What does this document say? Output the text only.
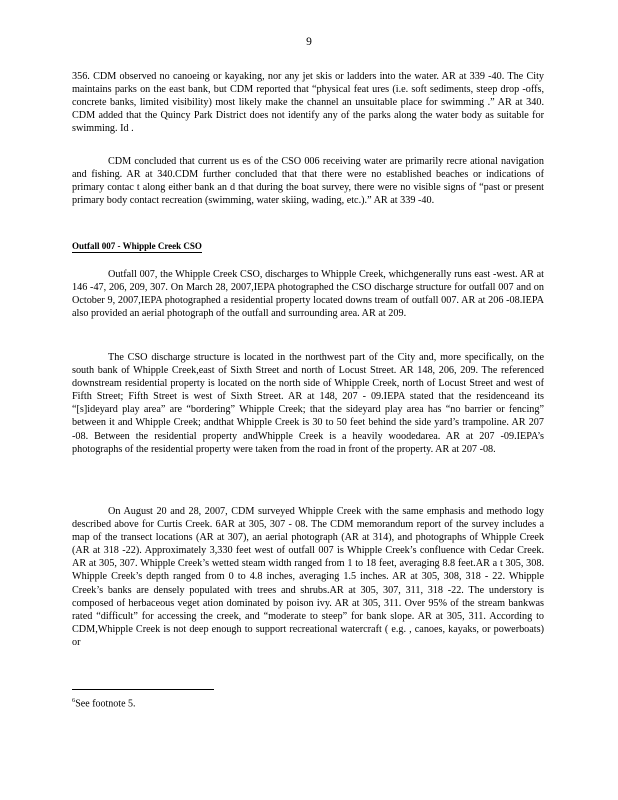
9

356. CDM observed no canoeing or kayaking, nor any jet skis or ladders into the water. AR at 339 -40. The City maintains parks on the east bank, but CDM reported that “physical feat ures (i.e. soft sediments, steep drop -offs, concrete banks, limited visibility) most likely make the channel an unsuitable place for swimming .” AR at 340. CDM added that the Quincy Park District does not identify any of the parks along the water body as suitable for swimming. Id .

CDM concluded that current us es of the CSO 006 receiving water are primarily recre ational navigation and fishing. AR at 340.CDM further concluded that that there were no established beaches or indications of primary contac t along either bank an d that during the boat survey, there were no visible signs of “past or present primary body contact recreation (swimming, water skiing, wading, etc.).” AR at 339 -40.

Outfall 007 - Whipple Creek CSO

Outfall 007, the Whipple Creek CSO, discharges to Whipple Creek, whichgenerally runs east -west. AR at 146 -47, 206, 209, 307. On March 28, 2007,IEPA photographed the CSO discharge structure for outfall 007 and on October 9, 2007,IEPA photographed a residential property located downs tream of outfall 007. AR at 206 -08.IEPA also provided an aerial photograph of the outfall and surrounding area. AR at 209.

The CSO discharge structure is located in the northwest part of the City and, more specifically, on the south bank of Whipple Creek,east of Sixth Street and north of Locust Street. AR 148, 206, 209. The referenced downstream residential property is located on the north side of Whipple Creek, north of Locust Street and west of Fifth Street; Fifth Street is west of Sixth Street. AR at 148, 207 - 09.IEPA stated that the residenceand its “[s]ideyard play area” are “bordering” Whipple Creek; that the sideyard play area has “no barrier or fencing” between it and Whipple Creek; andthat Whipple Creek is 30 to 50 feet behind the side yard’s trampoline. AR 207 -08. Between the residential property andWhipple Creek is a heavily woodedarea. AR at 207 -09.IEPA’s photographs of the residential property were taken from the road in front of the property. AR at 207 -08.

On August 20 and 28, 2007, CDM surveyed Whipple Creek with the same emphasis and methodo logy described above for Curtis Creek. 6AR at 305, 307 - 08. The CDM memorandum report of the survey includes a map of the transect locations (AR at 307), an aerial photograph (AR at 314), and photographs of Whipple Creek (AR at 318 -22). Approximately 3,330 feet west of outfall 007 is Whipple Creek’s confluence with Cedar Creek. AR at 305, 307. Whipple Creek’s wetted steam width ranged from 1 to 18 feet, averaging 8.8 feet.AR a t 305, 308. Whipple Creek’s depth ranged from 0 to 4.8 inches, averaging 1.5 inches. AR at 305, 308, 318 - 22. Whipple Creek’s banks are densely populated with trees and shrubs.AR at 305, 307, 311, 318 -22. The understory is composed of herbaceous veget ation dominated by poison ivy. AR at 305, 311. Over 95% of the stream bankwas rated “difficult” for accessing the creek, and “moderate to steep” for bank slope. AR at 305, 311. According to CDM,Whipple Creek is not deep enough to support recreational watercraft ( e.g. , canoes, kayaks, or powerboats) or

$^6$See footnote 5.
